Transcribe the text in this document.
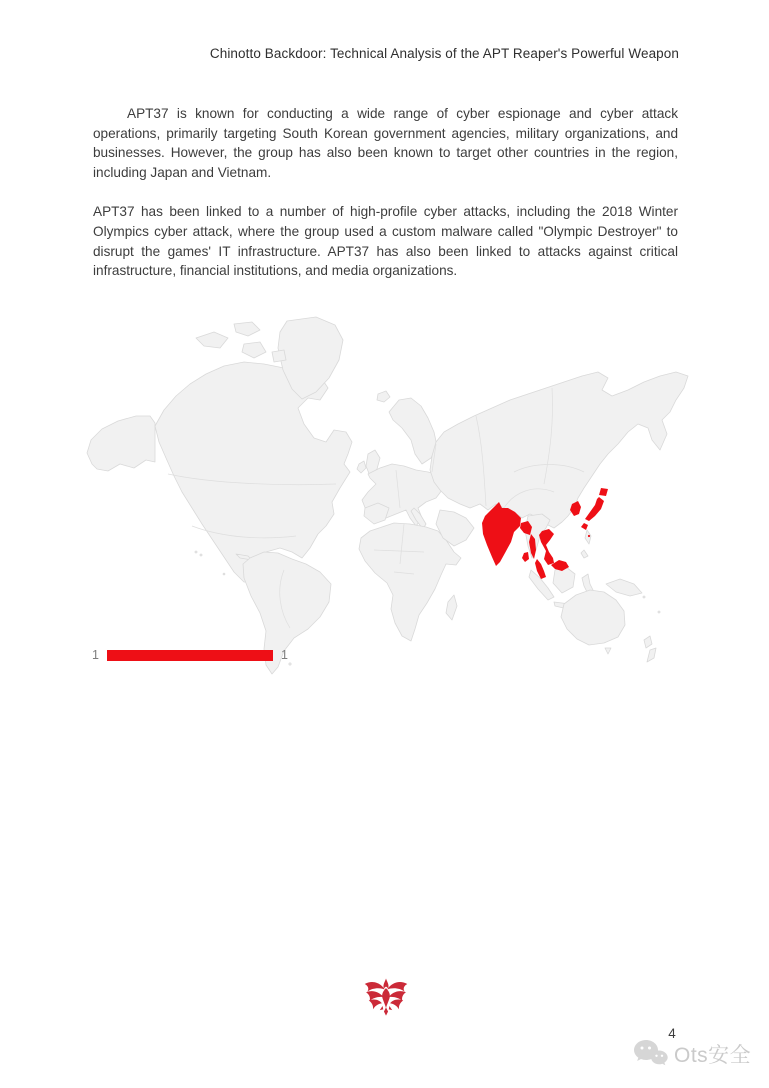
Chinotto Backdoor: Technical Analysis of the APT Reaper's Powerful Weapon

APT37 is known for conducting a wide range of cyber espionage and cyber attack operations, primarily targeting South Korean government agencies, military organizations, and businesses. However, the group has also been known to target other countries in the region, including Japan and Vietnam.

APT37 has been linked to a number of high-profile cyber attacks, including the 2018 Winter Olympics cyber attack, where the group used a custom malware called "Olympic Destroyer" to disrupt the games' IT infrastructure. APT37 has also been linked to attacks against critical infrastructure, financial institutions, and media organizations.

1	1
4
Ots安全
